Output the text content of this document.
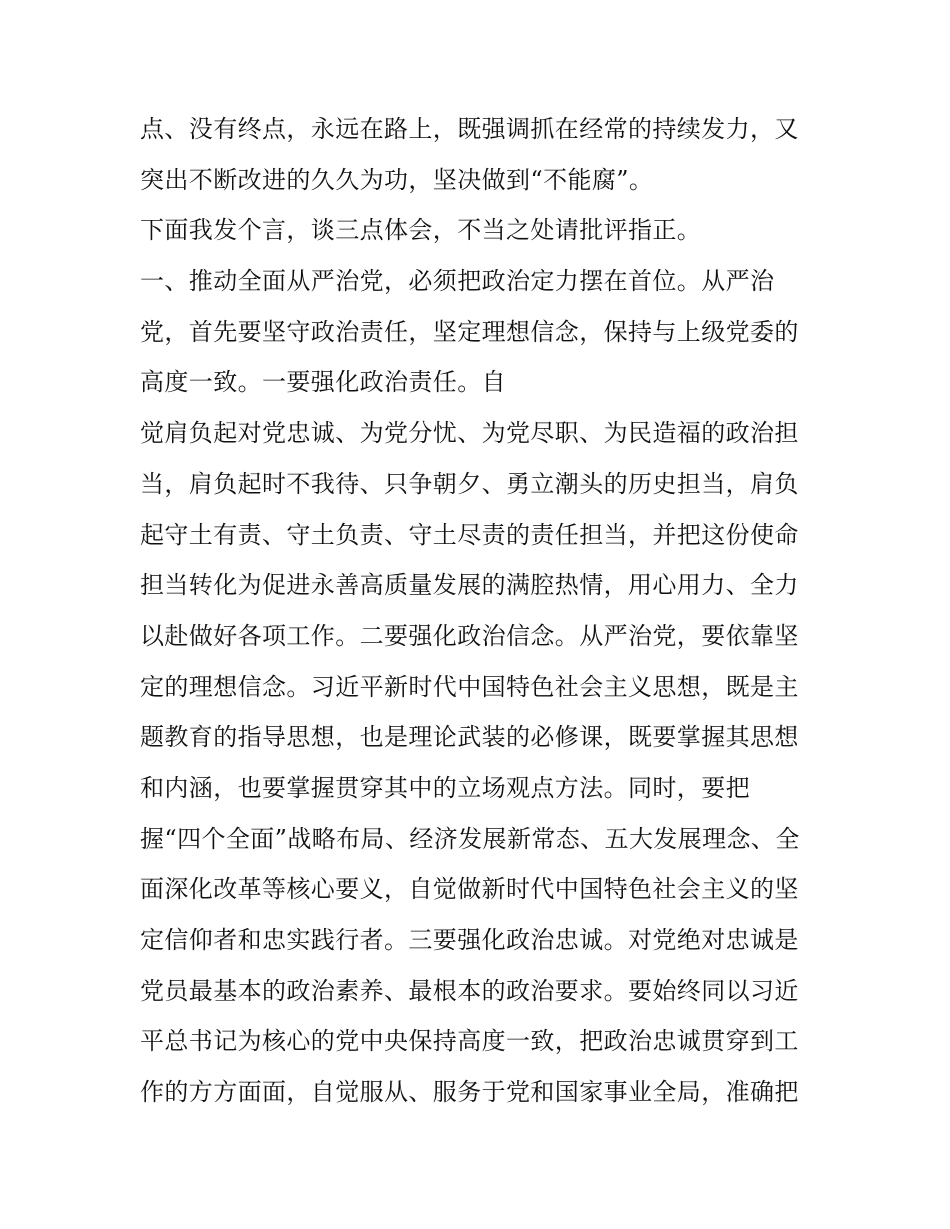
点、没有终点，永远在路上，既强调抓在经常的持续发力，又
突出不断改进的久久为功，坚决做到“不能腐”。
下面我发个言，谈三点体会，不当之处请批评指正。
一、推动全面从严治党，必须把政治定力摆在首位。从严治
党，首先要坚守政治责任，坚定理想信念，保持与上级党委的
高度一致。一要强化政治责任。自
觉肩负起对党忠诚、为党分忧、为党尽职、为民造福的政治担
当，肩负起时不我待、只争朝夕、勇立潮头的历史担当，肩负
起守土有责、守土负责、守土尽责的责任担当，并把这份使命
担当转化为促进永善高质量发展的满腔热情，用心用力、全力
以赴做好各项工作。二要强化政治信念。从严治党，要依靠坚
定的理想信念。习近平新时代中国特色社会主义思想，既是主
题教育的指导思想，也是理论武装的必修课，既要掌握其思想
和内涵，也要掌握贯穿其中的立场观点方法。同时，要把
握“四个全面”战略布局、经济发展新常态、五大发展理念、全
面深化改革等核心要义，自觉做新时代中国特色社会主义的坚
定信仰者和忠实践行者。三要强化政治忠诚。对党绝对忠诚是
党员最基本的政治素养、最根本的政治要求。要始终同以习近
平总书记为核心的党中央保持高度一致，把政治忠诚贯穿到工
作的方方面面，自觉服从、服务于党和国家事业全局，准确把
